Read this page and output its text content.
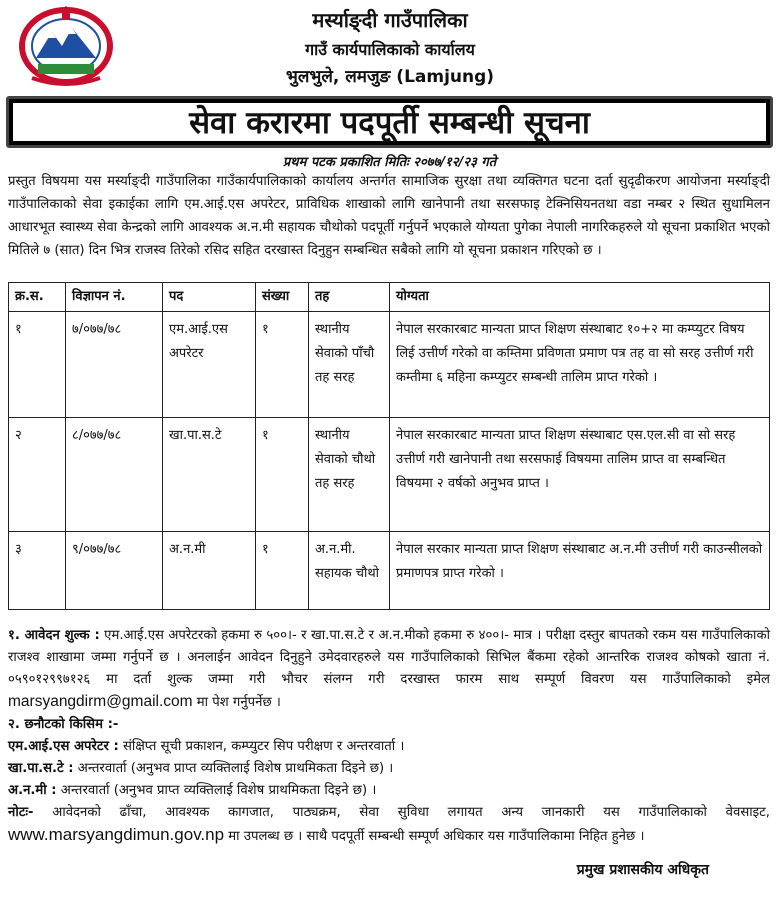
मर्स्याङ्दी गाउँपालिका
गाउँ कार्यपालिकाको कार्यालय
भुलभुले, लमजुङ (Lamjung)
सेवा करारमा पदपूर्ती सम्बन्धी सूचना
प्रथम पटक प्रकाशित मितिः २०७७/१२/२३ गते
प्रस्तुत विषयमा यस मर्स्याङ्दी गाउँपालिका गाउँकार्यपालिकाको कार्यालय अन्तर्गत सामाजिक सुरक्षा तथा व्यक्तिगत घटना दर्ता सुदृढीकरण आयोजना मर्स्याङ्दी गाउँपालिकाको सेवा इकाईका लागि एम.आई.एस अपरेटर, प्राविधिक शाखाको लागि खानेपानी तथा सरसफाइ टेक्निसियनतथा वडा नम्बर २ स्थित सुधामिलन आधारभूत स्वास्थ्य सेवा केन्द्रको लागि आवश्यक अ.न.मी सहायक चौथोको पदपूर्ती गर्नुपर्ने भएकाले योग्यता पुगेका नेपाली नागरिकहरुले यो सूचना प्रकाशित भएको मितिले ७ (सात) दिन भित्र राजस्व तिरेको रसिद सहित दरखास्त दिनुहुन सम्बन्धित सबैको लागि यो सूचना प्रकाशन गरिएको छ ।
क्र.स.	विज्ञापन नं.	पद	संख्या	तह	योग्यता
१	७/०७७/७८	एम.आई.एस अपरेटर	१	स्थानीय सेवाको पाँचौ तह सरह	नेपाल सरकारबाट मान्यता प्राप्त शिक्षण संस्थाबाट १०+२ मा कम्प्युटर विषय लिई उत्तीर्ण गरेको वा कम्तिमा प्रविणता प्रमाण पत्र तह वा सो सरह उत्तीर्ण गरी कम्तीमा ६ महिना कम्प्युटर सम्बन्धी तालिम प्राप्त गरेको ।
२	८/०७७/७८	खा.पा.स.टे	१	स्थानीय सेवाको चौथो तह सरह	नेपाल सरकारबाट मान्यता प्राप्त शिक्षण संस्थाबाट एस.एल.सी वा सो सरह उत्तीर्ण गरी खानेपानी तथा सरसफाई विषयमा तालिम प्राप्त वा सम्बन्धित विषयमा २ वर्षको अनुभव प्राप्त ।
३	९/०७७/७८	अ.न.मी	१	अ.न.मी. सहायक चौथो	नेपाल सरकार मान्यता प्राप्त शिक्षण संस्थाबाट अ.न.मी उत्तीर्ण गरी काउन्सीलको प्रमाणपत्र प्राप्त गरेको ।

१. आवेदन शुल्क : एम.आई.एस अपरेटरको हकमा रु ५००।- र खा.पा.स.टे र अ.न.मीको हकमा रु ४००।- मात्र । परीक्षा दस्तुर बापतको रकम यस गाउँपालिकाको राजश्व शाखामा जम्मा गर्नुपर्ने छ । अनलाईन आवेदन दिनुहुने उमेदवारहरुले यस गाउँपालिकाको सिभिल बैंकमा रहेको आन्तरिक राजश्व कोषको खाता नं. ०५९०१२९९७१२६ मा दर्ता शुल्क जम्मा गरी भौचर संलग्न गरी दरखास्त फारम साथ सम्पूर्ण विवरण यस गाउँपालिकाको इमेल marsyangdirm@gmail.com मा पेश गर्नुपर्नेछ ।

२. छनौटको किसिम :-

एम.आई.एस अपरेटर : संक्षिप्त सूची प्रकाशन, कम्प्युटर सिप परीक्षण र अन्तरवार्ता ।

खा.पा.स.टे : अन्तरवार्ता (अनुभव प्राप्त व्यक्तिलाई विशेष प्राथमिकता दिइने छ) ।

अ.न.मी : अन्तरवार्ता (अनुभव प्राप्त व्यक्तिलाई विशेष प्राथमिकता दिइने छ) ।

नोटः- आवेदनको ढाँचा, आवश्यक कागजात, पाठ्यक्रम, सेवा सुविधा लगायत अन्य जानकारी यस गाउँपालिकाको वेवसाइट, www.marsyangdimun.gov.np मा उपलब्ध छ । साथै पदपूर्ती सम्बन्धी सम्पूर्ण अधिकार यस गाउँपालिकामा निहित हुनेछ ।

प्रमुख प्रशासकीय अधिकृत
